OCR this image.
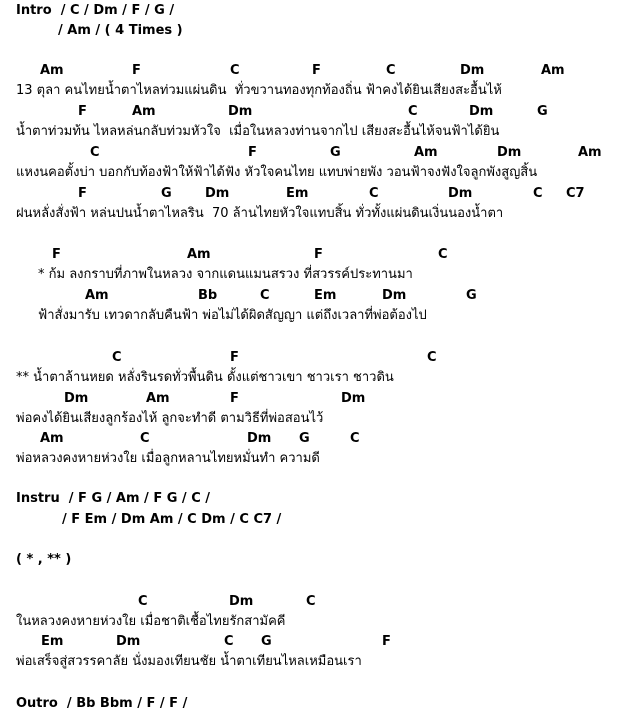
Intro  / C / Dm / F / G /
/ Am / ( 4 Times )
Am	F	C	F	C	Dm	Am
13 ตุลา คนไทยน้ำตาไหลท่วมแผ่นดิน  ทั่วขวานทองทุกท้องถิ่น ฟ้าคงได้ยินเสียงสะอื้นไห้
F	Am	Dm	C	Dm	G
น้ำตาท่วมท้น ไหลหล่นกลับท่วมหัวใจ  เมื่อในหลวงท่านจากไป เสียงสะอื้นไห้จนฟ้าได้ยิน
C	F	G	Am	Dm	Am
แหงนคอตั้งบ่า บอกกับท้องฟ้าให้ฟ้าได้ฟัง หัวใจคนไทย แทบพ่ายพัง วอนฟ้าจงฟังใจลูกพังสูญสิ้น
F	G	Dm	Em	C	Dm	C C7
ฝนหลั่งสั่งฟ้า หล่นปนน้ำตาไหลริน  70 ล้านไทยหัวใจแทบสิ้น ทั่วทั้งแผ่นดินเงิ่นนองน้ำตา
F	Am	F	C
* ก้ม ลงกราบที่ภาพในหลวง จากแดนแมนสรวง ที่สวรรค์ประทานมา
Am	Bb	C	Em	Dm	G
ฟ้าสั่งมารับ เทวดากลับคืนฟ้า พ่อไม่ได้ผิดสัญญา แต่ถึงเวลาที่พ่อต้องไป
C	F	C
** น้ำตาล้านหยด หลั่งรินรดทั่วพื้นดิน ดั้งแต่ชาวเขา ชาวเรา ชาวดิน
Dm	Am	F	Dm
พ่อคงได้ยินเสียงลูกร้องไห้ ลูกจะทำดี ตามวิธีที่พ่อสอนไว้
Am	C	Dm G	C
พ่อหลวงคงหายห่วงใย เมื่อลูกหลานไทยหมั่นทำ ความดี
Instru  / F G / Am / F G / C /
/ F Em / Dm Am / C Dm / C C7 /
( * , ** )
C	Dm	C
ในหลวงคงหายห่วงใย เมื่อชาติเชื้อไทยรักสามัคคี
Em	Dm	C G	F
พ่อเสร็จสู่สวรรคาลัย นั่งมองเทียนชัย น้ำตาเทียนไหลเหมือนเรา
Outro  / Bb Bbm / F / F /
